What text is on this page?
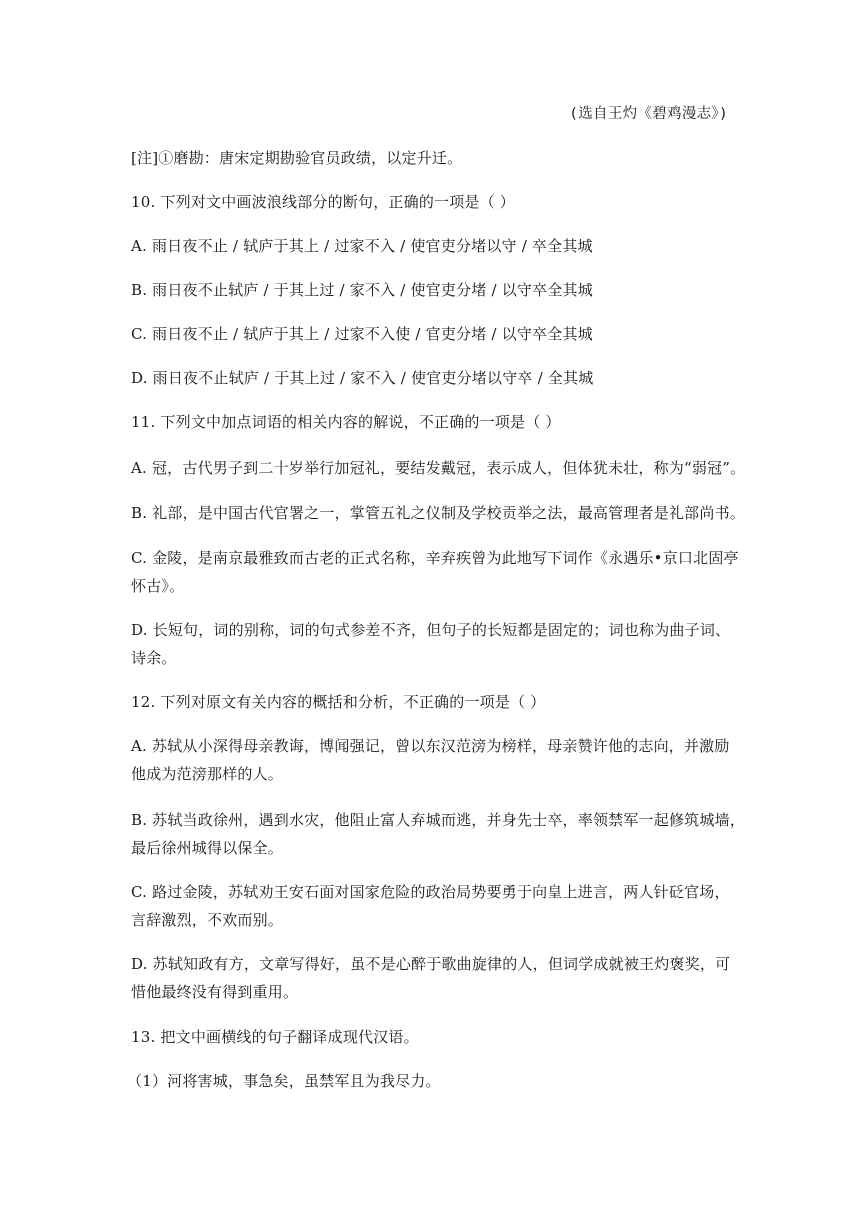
(选自王灼《碧鸡漫志》)
[注]①磨勘：唐宋定期勘验官员政绩，以定升迁。
10. 下列对文中画波浪线部分的断句，正确的一项是（ ）
A. 雨日夜不止 / 轼庐于其上 / 过家不入 / 使官吏分堵以守 / 卒全其城
B. 雨日夜不止轼庐 / 于其上过 / 家不入 / 使官吏分堵 / 以守卒全其城
C. 雨日夜不止 / 轼庐于其上 / 过家不入使 / 官吏分堵 / 以守卒全其城
D. 雨日夜不止轼庐 / 于其上过 / 家不入 / 使官吏分堵以守卒 / 全其城
11. 下列文中加点词语的相关内容的解说，不正确的一项是（ ）
A. 冠，古代男子到二十岁举行加冠礼，要结发戴冠，表示成人，但体犹未壮，称为“弱冠”。
B. 礼部，是中国古代官署之一，掌管五礼之仪制及学校贡举之法，最高管理者是礼部尚书。
C. 金陵，是南京最雅致而古老的正式名称，辛弃疾曾为此地写下词作《永遇乐•京口北固亭
怀古》。
D. 长短句，词的别称，词的句式参差不齐，但句子的长短都是固定的；词也称为曲子词、
诗余。
12. 下列对原文有关内容的概括和分析，不正确的一项是（ ）
A. 苏轼从小深得母亲教诲，博闻强记，曾以东汉范滂为榜样，母亲赞许他的志向，并激励
他成为范滂那样的人。
B. 苏轼当政徐州，遇到水灾，他阻止富人弃城而逃，并身先士卒，率领禁军一起修筑城墙，
最后徐州城得以保全。
C. 路过金陵，苏轼劝王安石面对国家危险的政治局势要勇于向皇上进言，两人针砭官场，
言辞激烈，不欢而别。
D. 苏轼知政有方，文章写得好，虽不是心醉于歌曲旋律的人，但词学成就被王灼褒奖，可
惜他最终没有得到重用。
13. 把文中画横线的句子翻译成现代汉语。
（1）河将害城，事急矣，虽禁军且为我尽力。
